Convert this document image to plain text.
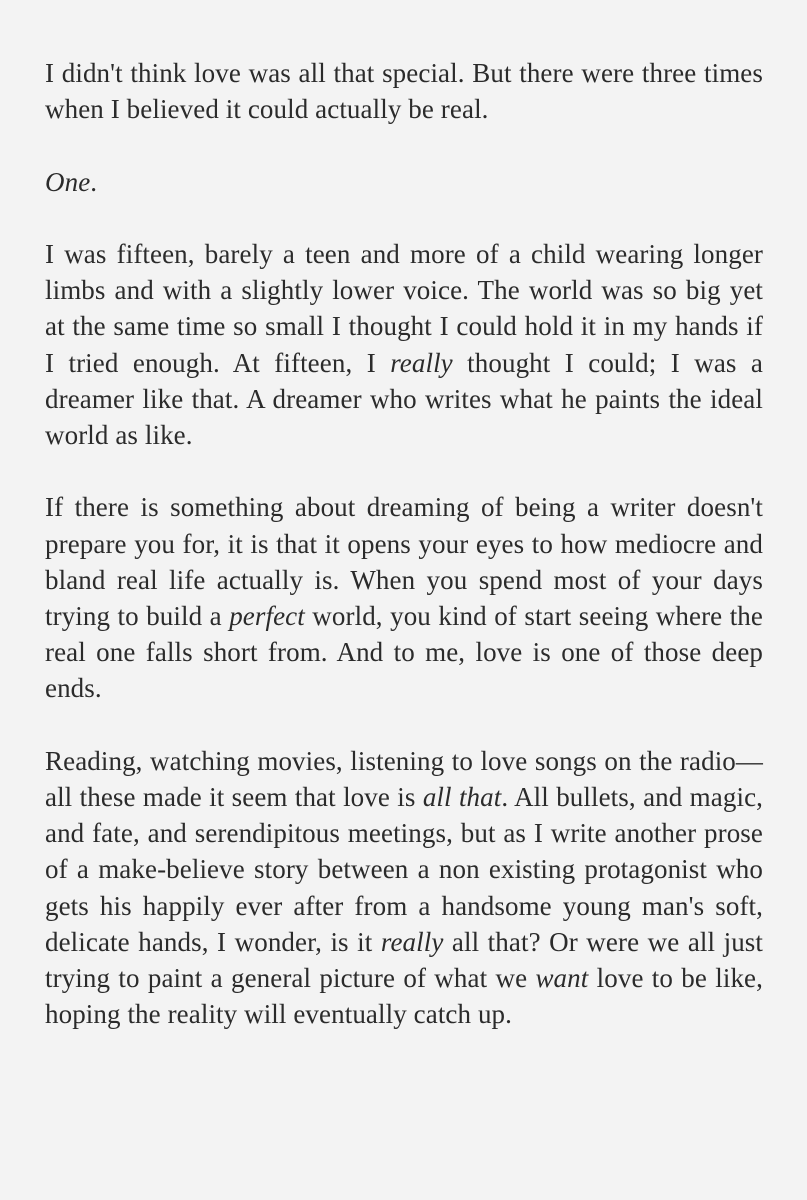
I didn't think love was all that special. But there were three times when I believed it could actually be real.

One.

I was fifteen, barely a teen and more of a child wearing longer limbs and with a slightly lower voice. The world was so big yet at the same time so small I thought I could hold it in my hands if I tried enough. At fifteen, I really thought I could; I was a dreamer like that. A dreamer who writes what he paints the ideal world as like.

If there is something about dreaming of being a writer doesn't prepare you for, it is that it opens your eyes to how mediocre and bland real life actually is. When you spend most of your days trying to build a perfect world, you kind of start seeing where the real one falls short from. And to me, love is one of those deep ends.

Reading, watching movies, listening to love songs on the radio—all these made it seem that love is all that. All bullets, and magic, and fate, and serendipitous meetings, but as I write another prose of a make-believe story between a non existing protagonist who gets his happily ever after from a handsome young man's soft, delicate hands, I wonder, is it really all that? Or were we all just trying to paint a general picture of what we want love to be like, hoping the reality will eventually catch up.
